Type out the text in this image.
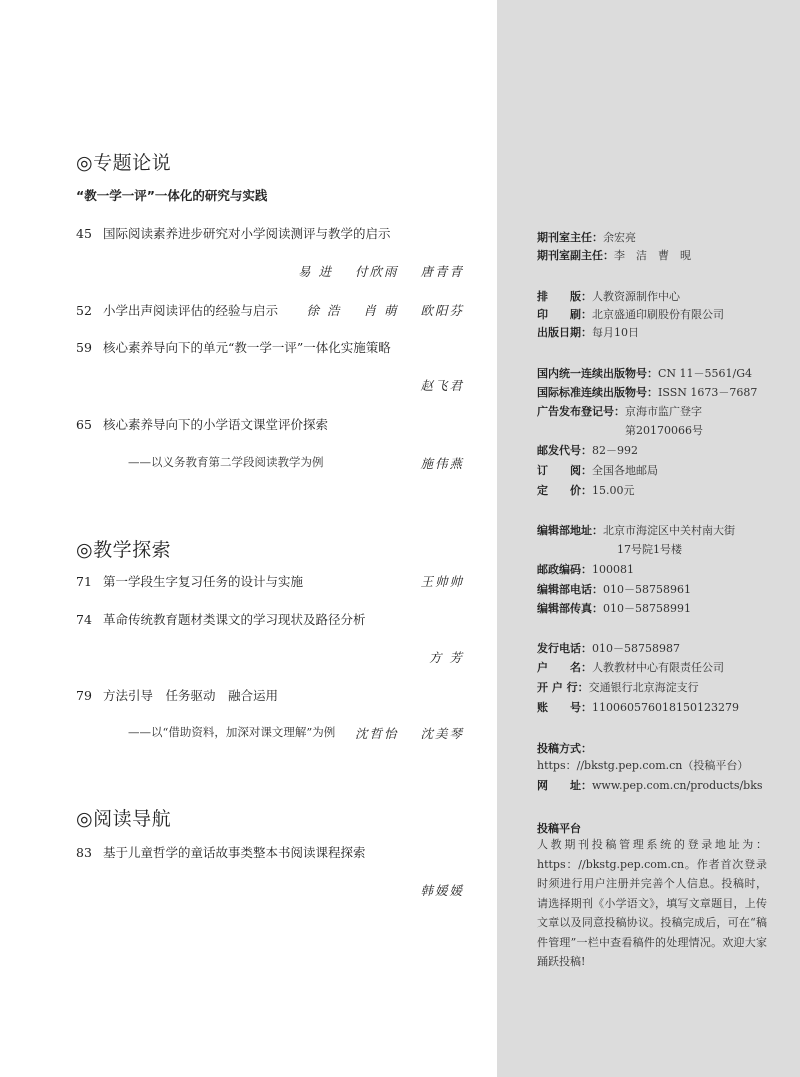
◎专题论说
“教一学一评”一体化的研究与实践
45 国际阅读素养进步研究对小学阅读测评与教学的启示
易 进 付欣雨 唐青青
52 小学出声阅读评估的经验与启示	徐 浩 肖 萌 欧阳芬
59 核心素养导向下的单元“教一学一评”一体化实施策略
赵飞君
65 核心素养导向下的小学语文课堂评价探索
——以义务教育第二学段阅读教学为例	施伟燕
◎教学探索
71 第一学段生字复习任务的设计与实施	王帅帅
74 革命传统教育题材类课文的学习现状及路径分析
方 芳
79 方法引导　任务驱动　融合运用
——以“借助资料，加深对课文理解”为例	沈哲怡 沈美琴
◎阅读导航
83 基于儿童哲学的童话故事类整本书阅读课程探索
韩媛媛
期刊室主任：余宏亮
期刊室副主任：李　洁　曹　晛
排　　版：人教资源制作中心
印　　刷：北京盛通印刷股份有限公司
出版日期：每月10日
国内统一连续出版物号：CN 11－5561/G4
国际标准连续出版物号：ISSN 1673－7687
广告发布登记号：京海市监广登字
第20170066号
邮发代号：82－992
订　　阅：全国各地邮局
定　　价：15.00元
编辑部地址：北京市海淀区中关村南大街
17号院1号楼
邮政编码：100081
编辑部电话：010－58758961
编辑部传真：010－58758991
发行电话：010－58758987
户　　名：人教教材中心有限责任公司
开 户 行：交通银行北京海淀支行
账　　号：110060576018150123279
投稿方式：
https：//bkstg.pep.com.cn（投稿平台）
网　　址：www.pep.com.cn/products/bks
投稿平台
人教期刊投稿管理系统的登录地址为：https：//bkstg.pep.com.cn。作者首次登录时须进行用户注册并完善个人信息。投稿时，请选择期刊《小学语文》，填写文章题目，上传文章以及同意投稿协议。投稿完成后，可在“稿件管理”一栏中查看稿件的处理情况。欢迎大家踊跃投稿!
